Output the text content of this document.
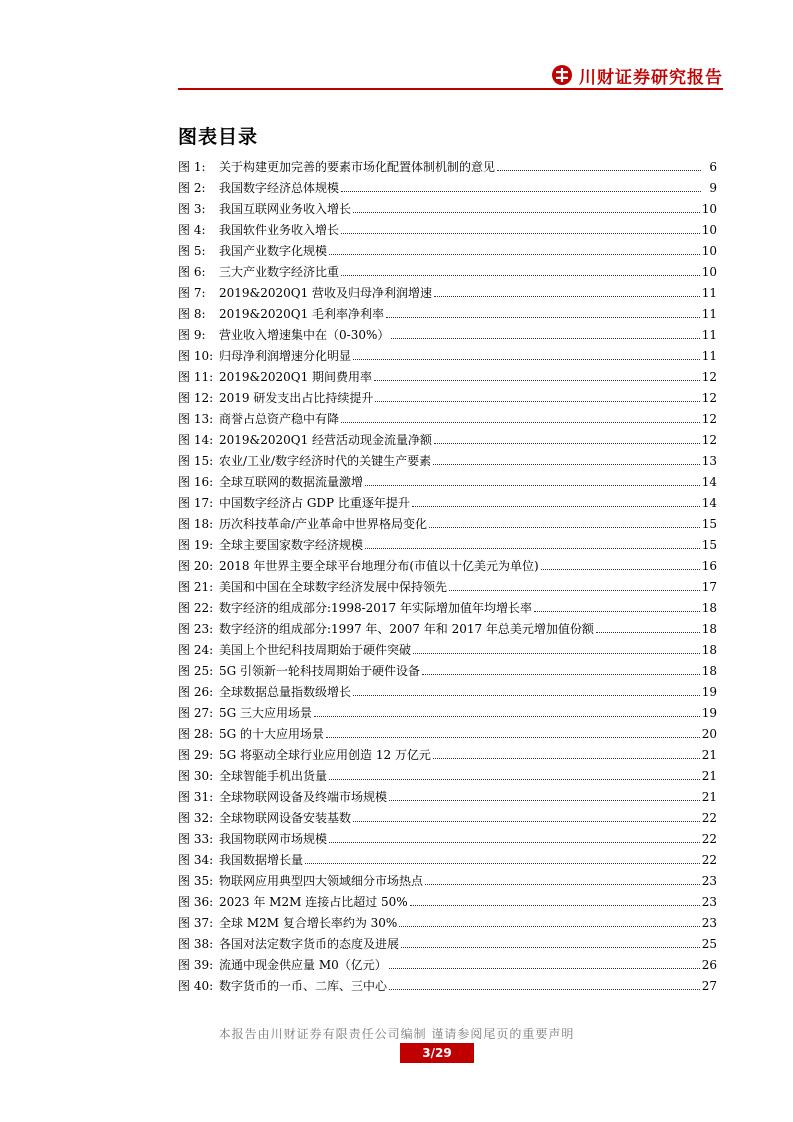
川财证券研究报告
图表目录
图 1:	关于构建更加完善的要素市场化配置体制机制的意见	6
图 2:	我国数字经济总体规模	9
图 3:	我国互联网业务收入增长	10
图 4:	我国软件业务收入增长	10
图 5:	我国产业数字化规模	10
图 6:	三大产业数字经济比重	10
图 7:	2019&2020Q1 营收及归母净利润增速	11
图 8:	2019&2020Q1 毛利率净利率	11
图 9:	营业收入增速集中在（0-30%）	11
图 10: 归母净利润增速分化明显	11
图 11: 2019&2020Q1 期间费用率	12
图 12: 2019 研发支出占比持续提升	12
图 13: 商誉占总资产稳中有降	12
图 14: 2019&2020Q1 经营活动现金流量净额	12
图 15: 农业/工业/数字经济时代的关键生产要素	13
图 16: 全球互联网的数据流量激增	14
图 17: 中国数字经济占 GDP 比重逐年提升	14
图 18: 历次科技革命/产业革命中世界格局变化	15
图 19: 全球主要国家数字经济规模	15
图 20: 2018 年世界主要全球平台地理分布(市值以十亿美元为单位)	16
图 21: 美国和中国在全球数字经济发展中保持领先	17
图 22: 数字经济的组成部分:1998-2017 年实际增加值年均增长率	18
图 23: 数字经济的组成部分:1997 年、2007 年和 2017 年总美元增加值份额	18
图 24: 美国上个世纪科技周期始于硬件突破	18
图 25: 5G 引领新一轮科技周期始于硬件设备	18
图 26: 全球数据总量指数级增长	19
图 27: 5G 三大应用场景	19
图 28: 5G 的十大应用场景	20
图 29: 5G 将驱动全球行业应用创造 12 万亿元	21
图 30: 全球智能手机出货量	21
图 31: 全球物联网设备及终端市场规模	21
图 32: 全球物联网设备安装基数	22
图 33: 我国物联网市场规模	22
图 34: 我国数据增长量	22
图 35: 物联网应用典型四大领域细分市场热点	23
图 36: 2023 年 M2M 连接占比超过 50%	23
图 37: 全球 M2M 复合增长率约为 30%	23
图 38: 各国对法定数字货币的态度及进展	25
图 39: 流通中现金供应量 M0（亿元）	26
图 40: 数字货币的一币、二库、三中心	27
本报告由川财证券有限责任公司编制 谨请参阅尾页的重要声明
3/29
